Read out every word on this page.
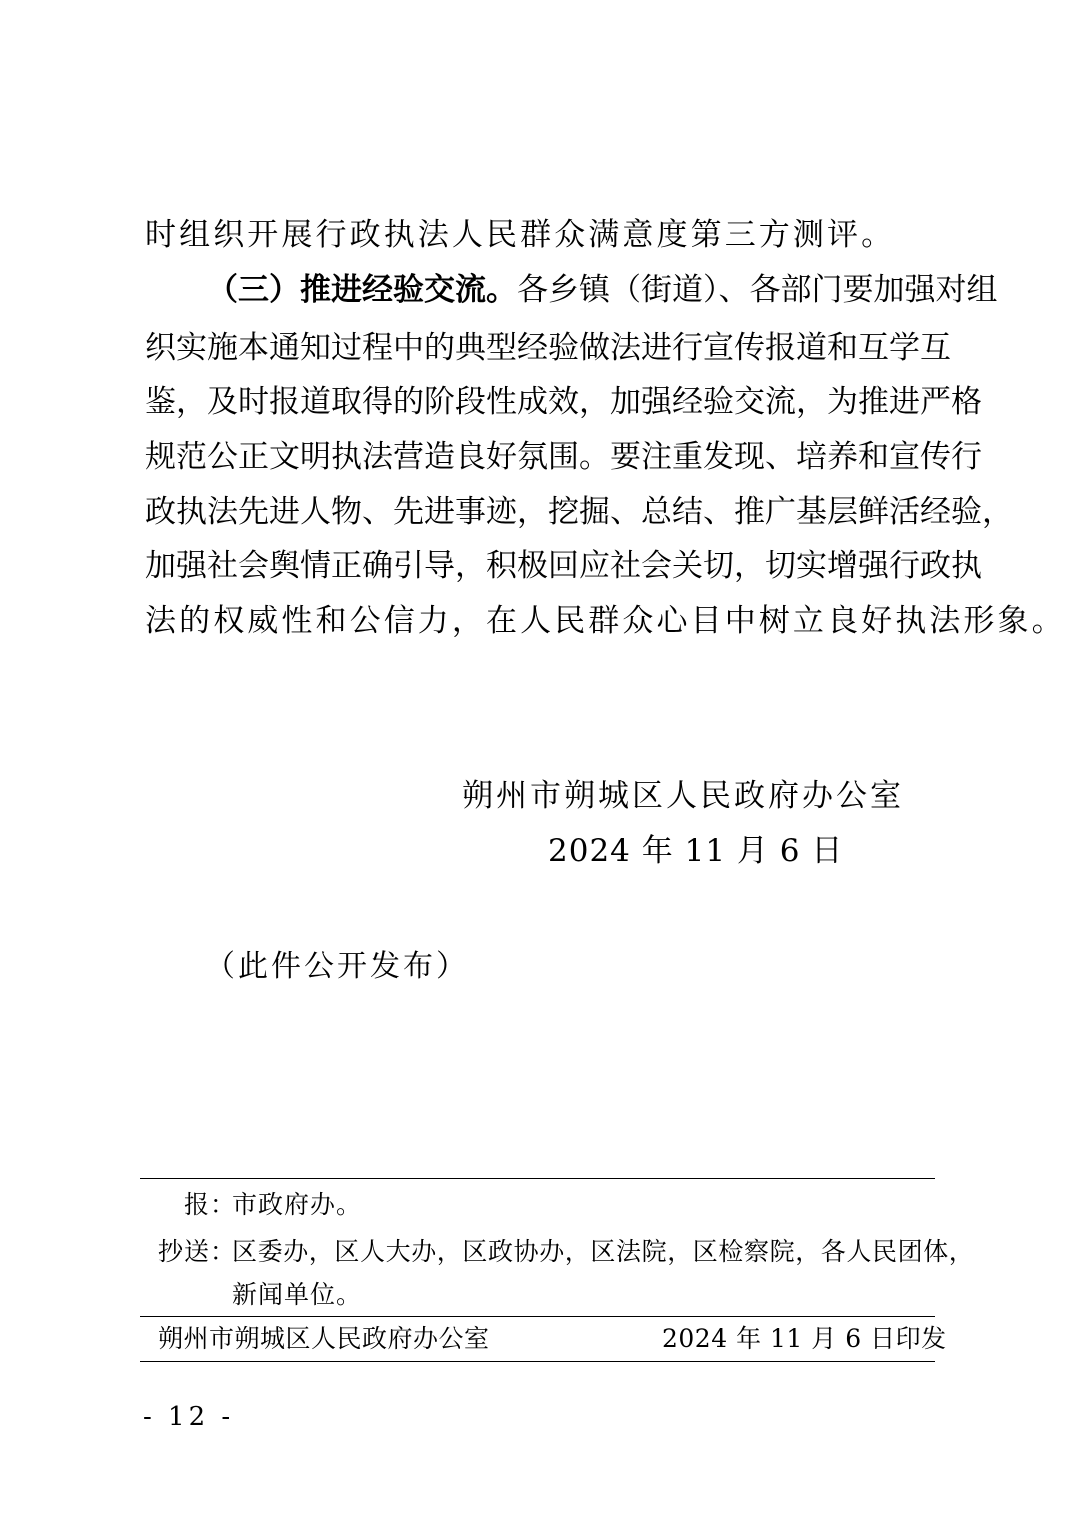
时组织开展行政执法人民群众满意度第三方测评。
（三）推进经验交流。各乡镇（街道）、各部门要加强对组
织实施本通知过程中的典型经验做法进行宣传报道和互学互
鉴，及时报道取得的阶段性成效，加强经验交流，为推进严格
规范公正文明执法营造良好氛围。要注重发现、培养和宣传行
政执法先进人物、先进事迹，挖掘、总结、推广基层鲜活经验，
加强社会舆情正确引导，积极回应社会关切，切实增强行政执
法的权威性和公信力，在人民群众心目中树立良好执法形象。
朔州市朔城区人民政府办公室
2024 年 11 月 6 日
（此件公开发布）
报：
市政府办。
抄送：
区委办，区人大办，区政协办，区法院，区检察院，各人民团体，
新闻单位。
朔州市朔城区人民政府办公室	2024 年 11 月 6 日印发
- 12 -
